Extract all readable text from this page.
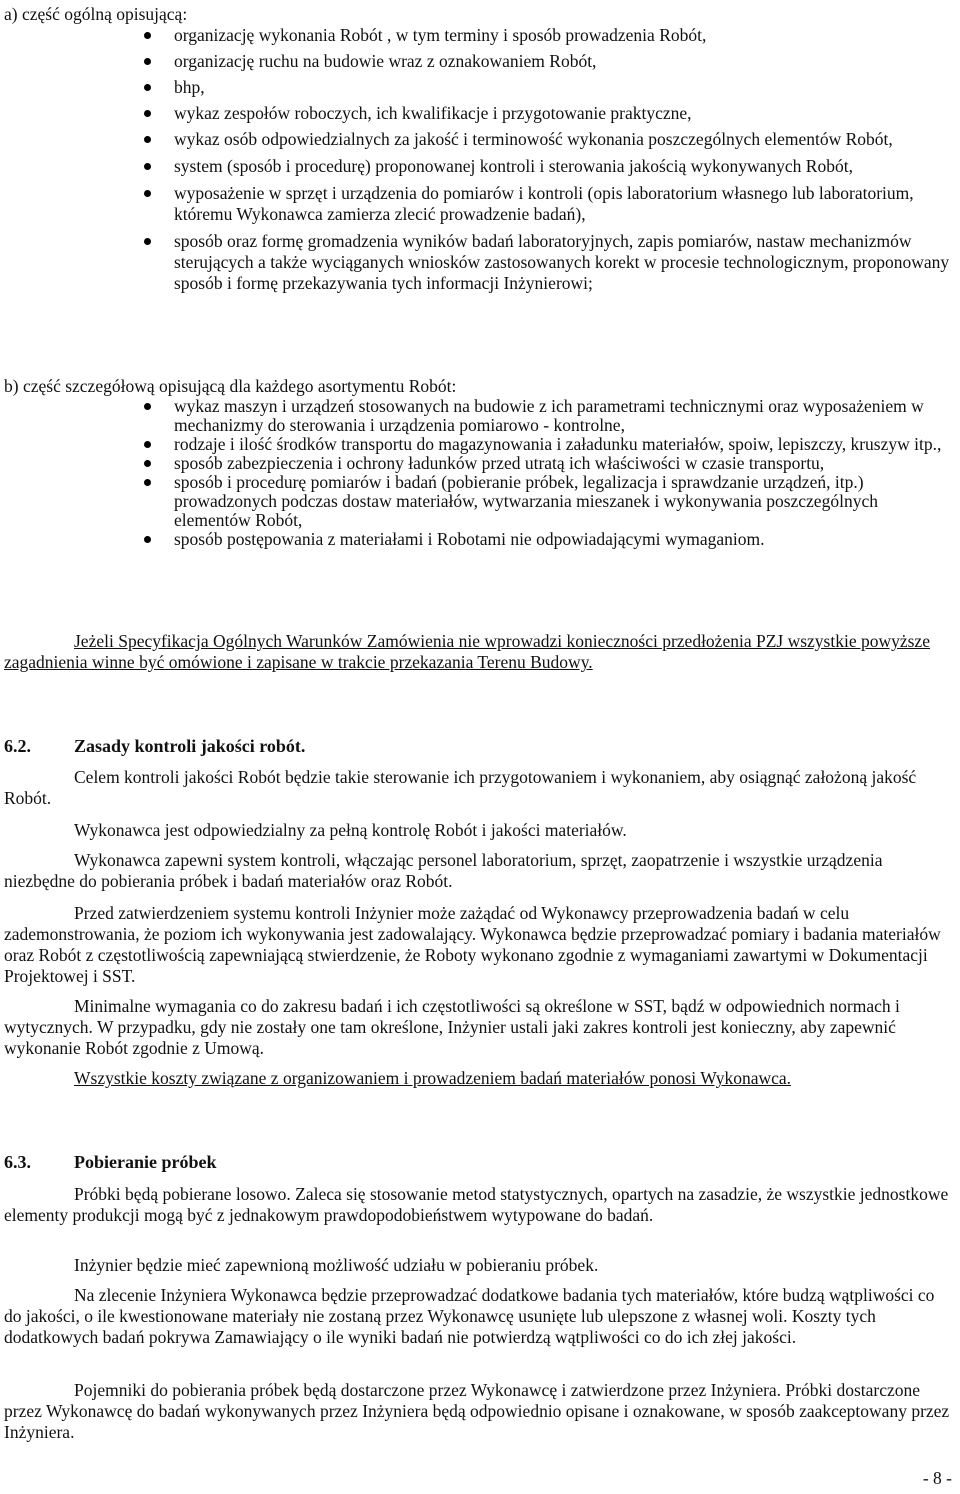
a) część ogólną opisującą:
organizację wykonania Robót , w tym terminy i sposób prowadzenia Robót,
organizację ruchu na budowie wraz z oznakowaniem Robót,
bhp,
wykaz zespołów roboczych, ich kwalifikacje i przygotowanie praktyczne,
wykaz osób odpowiedzialnych za jakość i terminowość wykonania poszczególnych elementów Robót,
system (sposób i procedurę) proponowanej kontroli i sterowania jakością wykonywanych Robót,
wyposażenie w sprzęt i urządzenia do pomiarów i kontroli (opis laboratorium własnego lub laboratorium, któremu Wykonawca zamierza zlecić prowadzenie badań),
sposób oraz formę gromadzenia wyników badań laboratoryjnych, zapis pomiarów, nastaw mechanizmów sterujących a także wyciąganych wniosków zastosowanych korekt w procesie technologicznym, proponowany sposób i formę przekazywania tych informacji Inżynierowi;
b) część szczegółową opisującą dla każdego asortymentu Robót:
wykaz maszyn i urządzeń stosowanych na budowie z ich parametrami technicznymi oraz wyposażeniem w mechanizmy do sterowania i urządzenia pomiarowo - kontrolne,
rodzaje i ilość środków transportu do magazynowania i załadunku materiałów, spoiw, lepiszczy, kruszyw itp.,
sposób zabezpieczenia i ochrony ładunków przed utratą ich właściwości w czasie transportu,
sposób i procedurę pomiarów i badań (pobieranie próbek, legalizacja i sprawdzanie urządzeń, itp.) prowadzonych podczas dostaw materiałów, wytwarzania mieszanek i wykonywania poszczególnych elementów Robót,
sposób postępowania z materiałami i Robotami nie odpowiadającymi wymaganiom.

Jeżeli Specyfikacja Ogólnych Warunków Zamówienia nie wprowadzi konieczności przedłożenia PZJ wszystkie powyższe zagadnienia winne być omówione i zapisane w trakcie przekazania Terenu Budowy.

6.2.	Zasady kontroli jakości robót.

Celem kontroli jakości Robót będzie takie sterowanie ich przygotowaniem i wykonaniem, aby osiągnąć założoną jakość Robót.

Wykonawca jest odpowiedzialny za pełną kontrolę Robót i jakości materiałów.

Wykonawca zapewni system kontroli, włączając personel laboratorium, sprzęt, zaopatrzenie i wszystkie urządzenia niezbędne do pobierania próbek i badań materiałów oraz Robót.

Przed zatwierdzeniem systemu kontroli Inżynier może zażądać od Wykonawcy przeprowadzenia badań w celu zademonstrowania, że poziom ich wykonywania jest zadowalający. Wykonawca będzie przeprowadzać pomiary i badania materiałów oraz Robót z częstotliwością zapewniającą stwierdzenie, że Roboty wykonano zgodnie z wymaganiami zawartymi w Dokumentacji Projektowej i SST.

Minimalne wymagania co do zakresu badań i ich częstotliwości są określone w SST, bądź w odpowiednich normach i wytycznych. W przypadku, gdy nie zostały one tam określone, Inżynier ustali jaki zakres kontroli jest konieczny, aby zapewnić wykonanie Robót zgodnie z Umową.

Wszystkie koszty związane z organizowaniem i prowadzeniem badań materiałów ponosi Wykonawca.

6.3.	Pobieranie próbek

Próbki będą pobierane losowo. Zaleca się stosowanie metod statystycznych, opartych na zasadzie, że wszystkie jednostkowe elementy produkcji mogą być z jednakowym prawdopodobieństwem wytypowane do badań.

Inżynier będzie mieć zapewnioną możliwość udziału w pobieraniu próbek.

Na zlecenie Inżyniera Wykonawca będzie przeprowadzać dodatkowe badania tych materiałów, które budzą wątpliwości co do jakości, o ile kwestionowane materiały nie zostaną przez Wykonawcę usunięte lub ulepszone z własnej woli. Koszty tych dodatkowych badań pokrywa Zamawiający o ile wyniki badań nie potwierdzą wątpliwości co do ich złej jakości.

Pojemniki do pobierania próbek będą dostarczone przez Wykonawcę i zatwierdzone przez Inżyniera. Próbki dostarczone przez Wykonawcę do badań wykonywanych przez Inżyniera będą odpowiednio opisane i oznakowane, w sposób zaakceptowany przez Inżyniera.

- 8 -
